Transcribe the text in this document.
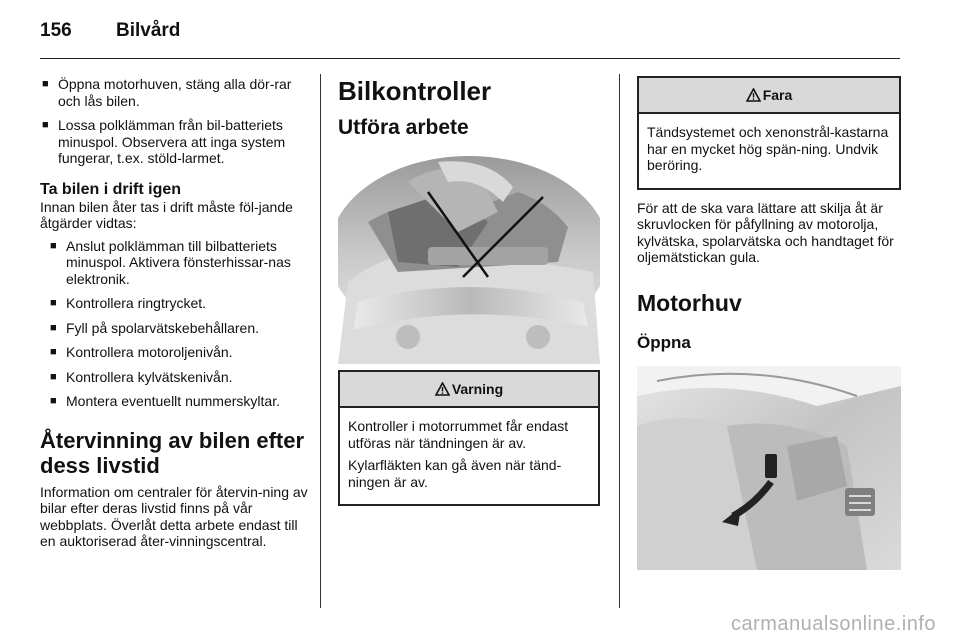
156 Bilvård
■ Öppna motorhuven, stäng alla dör-rar och lås bilen.
■ Lossa polklämman från bil-batteriets minuspol. Observera att inga system fungerar, t.ex. stöld-larmet.
Ta bilen i drift igen

Innan bilen åter tas i drift måste föl-jande åtgärder vidtas:

■ Anslut polklämman till bilbatteriets minuspol. Aktivera fönsterhissar-nas elektronik.
■ Kontrollera ringtrycket.
■ Fyll på spolarvätskebehållaren.
■ Kontrollera motoroljenivån.
■ Kontrollera kylvätskenivån.
■ Montera eventuellt nummerskyltar.
Återvinning av bilen efter dess livstid

Information om centraler för återvin-ning av bilar efter deras livstid finns på vår webbplats. Överlåt detta arbete endast till en auktoriserad åter-vinningscentral.

Bilkontroller
Utföra arbete
Varning

Kontroller i motorrummet får endast utföras när tändningen är av.

Kylarfläkten kan gå även när tänd-ningen är av.

Fara

Tändsystemet och xenonstrål-kastarna har en mycket hög spän-ning. Undvik beröring.

För att de ska vara lättare att skilja åt är skruvlocken för påfyllning av motorolja, kylvätska, spolarvätska och handtaget för oljemätstickan gula.

Motorhuv
Öppna
carmanualsonline.info
